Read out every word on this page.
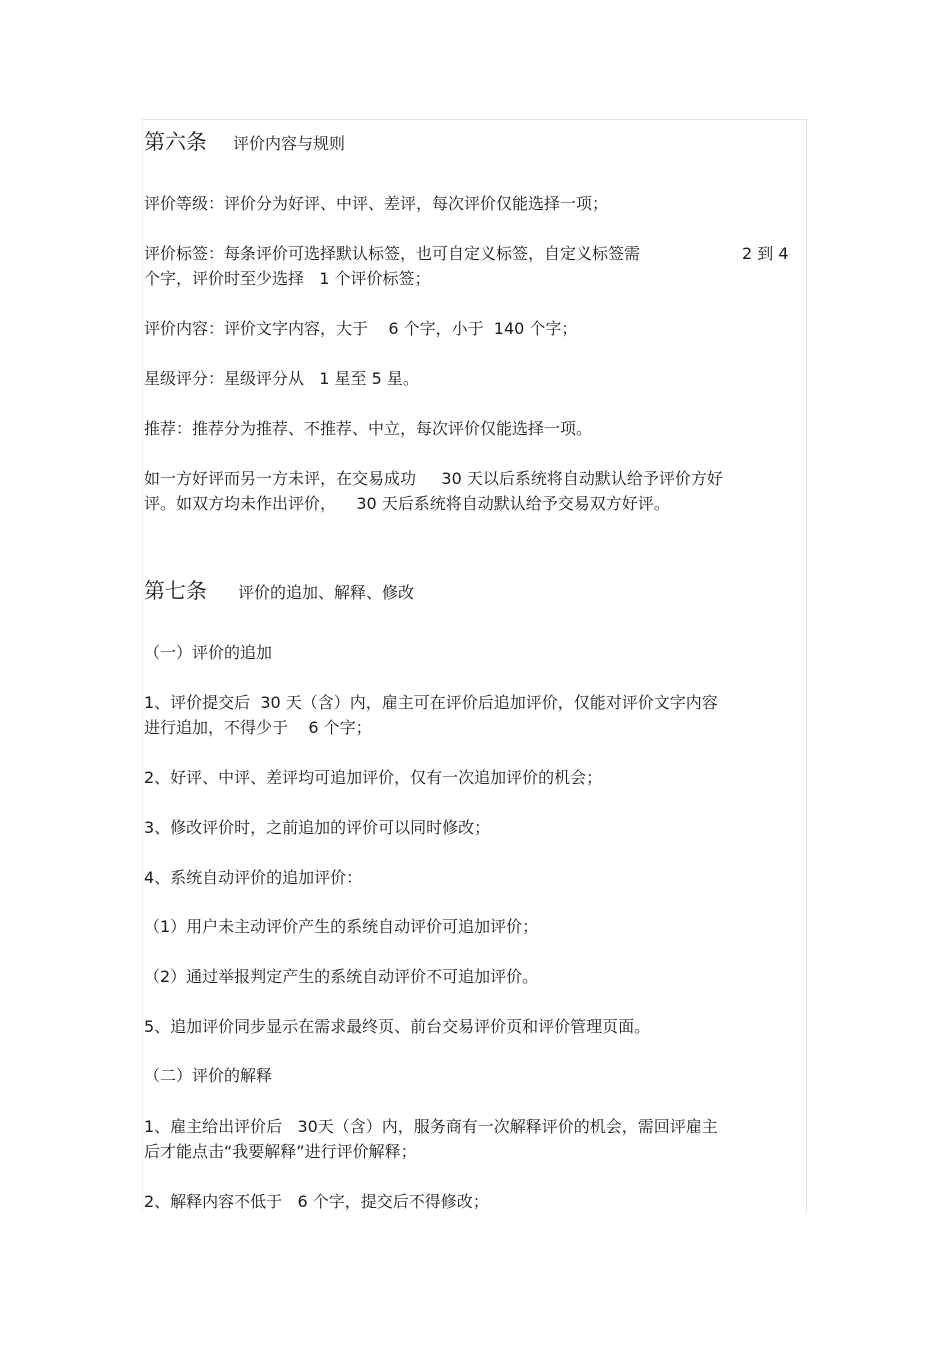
第六条 评价内容与规则
评价等级：评价分为好评、中评、差评，每次评价仅能选择一项；
评价标签：每条评价可选择默认标签，也可自定义标签，自定义标签需	2 到 4
个字，评价时至少选择   1 个评价标签；
评价内容：评价文字内容，大于    6 个字，小于  140 个字；
星级评分：星级评分从   1 星至 5 星。
推荐：推荐分为推荐、不推荐、中立，每次评价仅能选择一项。
如一方好评而另一方未评，在交易成功     30 天以后系统将自动默认给予评价方好
评。如双方均未作出评价，    30 天后系统将自动默认给予交易双方好评。
第七条 评价的追加、解释、修改
（一）评价的追加
1、评价提交后  30 天（含）内，雇主可在评价后追加评价，仅能对评价文字内容
进行追加，不得少于    6 个字；
2、好评、中评、差评均可追加评价，仅有一次追加评价的机会；
3、修改评价时，之前追加的评价可以同时修改；
4、系统自动评价的追加评价：
（1）用户未主动评价产生的系统自动评价可追加评价；
（2）通过举报判定产生的系统自动评价不可追加评价。
5、追加评价同步显示在需求最终页、前台交易评价页和评价管理页面。
（二）评价的解释
1、雇主给出评价后   30天（含）内，服务商有一次解释评价的机会，需回评雇主
后才能点击“我要解释”进行评价解释；
2、解释内容不低于   6 个字，提交后不得修改；
